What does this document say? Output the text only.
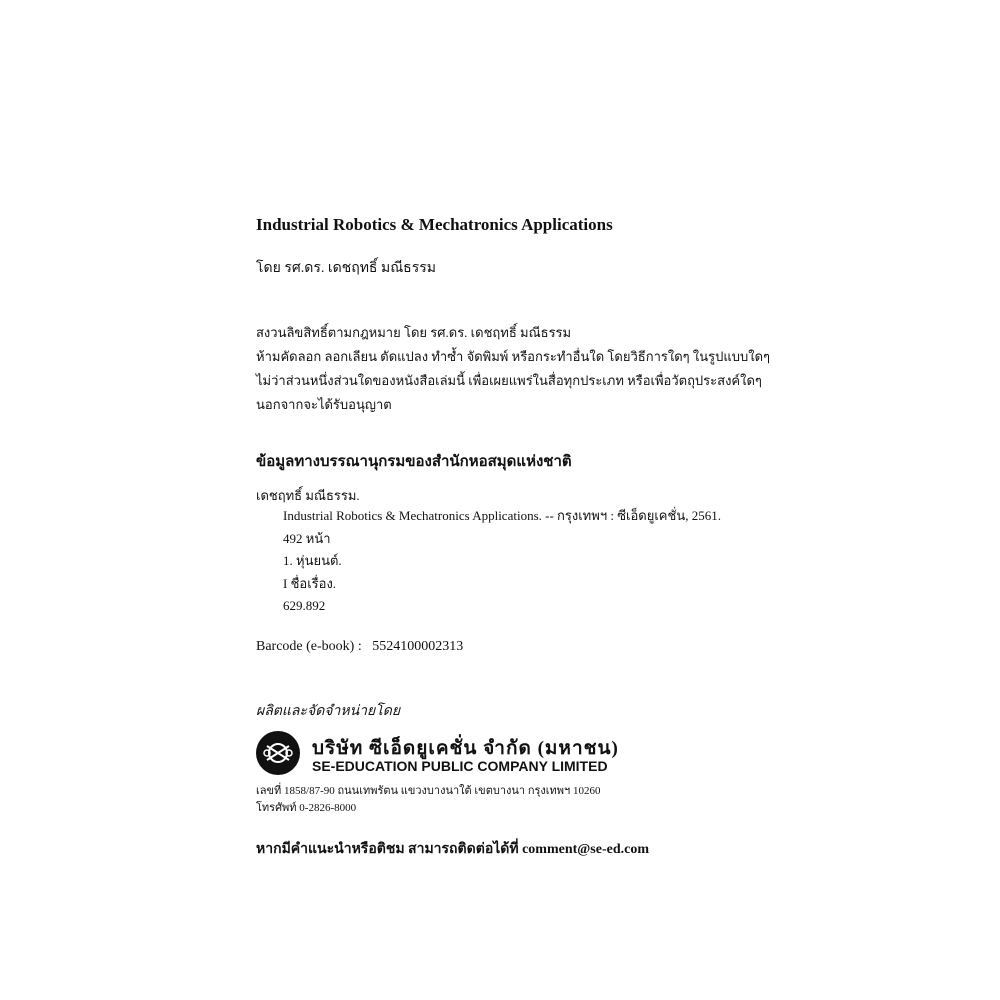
Industrial Robotics & Mechatronics Applications
โดย รศ.ดร. เดชฤทธิ์ มณีธรรม
สงวนลิขสิทธิ์ตามกฎหมาย โดย รศ.ดร. เดชฤทธิ์ มณีธรรม
ห้ามคัดลอก ลอกเลียน ดัดแปลง ทำซ้ำ จัดพิมพ์ หรือกระทำอื่นใด โดยวิธีการใดๆ ในรูปแบบใดๆ
ไม่ว่าส่วนหนึ่งส่วนใดของหนังสือเล่มนี้ เพื่อเผยแพร่ในสื่อทุกประเภท หรือเพื่อวัตถุประสงค์ใดๆ
นอกจากจะได้รับอนุญาต
ข้อมูลทางบรรณานุกรมของสำนักหอสมุดแห่งชาติ
เดชฤทธิ์ มณีธรรม.
Industrial Robotics & Mechatronics Applications. -- กรุงเทพฯ : ซีเอ็ดยูเคชั่น, 2561.
492 หน้า
1. หุ่นยนต์.
I ชื่อเรื่อง.
629.892
Barcode (e-book) : 5524100002313
ผลิตและจัดจำหน่ายโดย
บริษัท ซีเอ็ดยูเคชั่น จำกัด (มหาชน)
SE-EDUCATION PUBLIC COMPANY LIMITED
เลขที่ 1858/87-90 ถนนเทพรัตน แขวงบางนาใต้ เขตบางนา กรุงเทพฯ 10260
โทรศัพท์ 0-2826-8000
หากมีคำแนะนำหรือติชม สามารถติดต่อได้ที่ comment@se-ed.com
